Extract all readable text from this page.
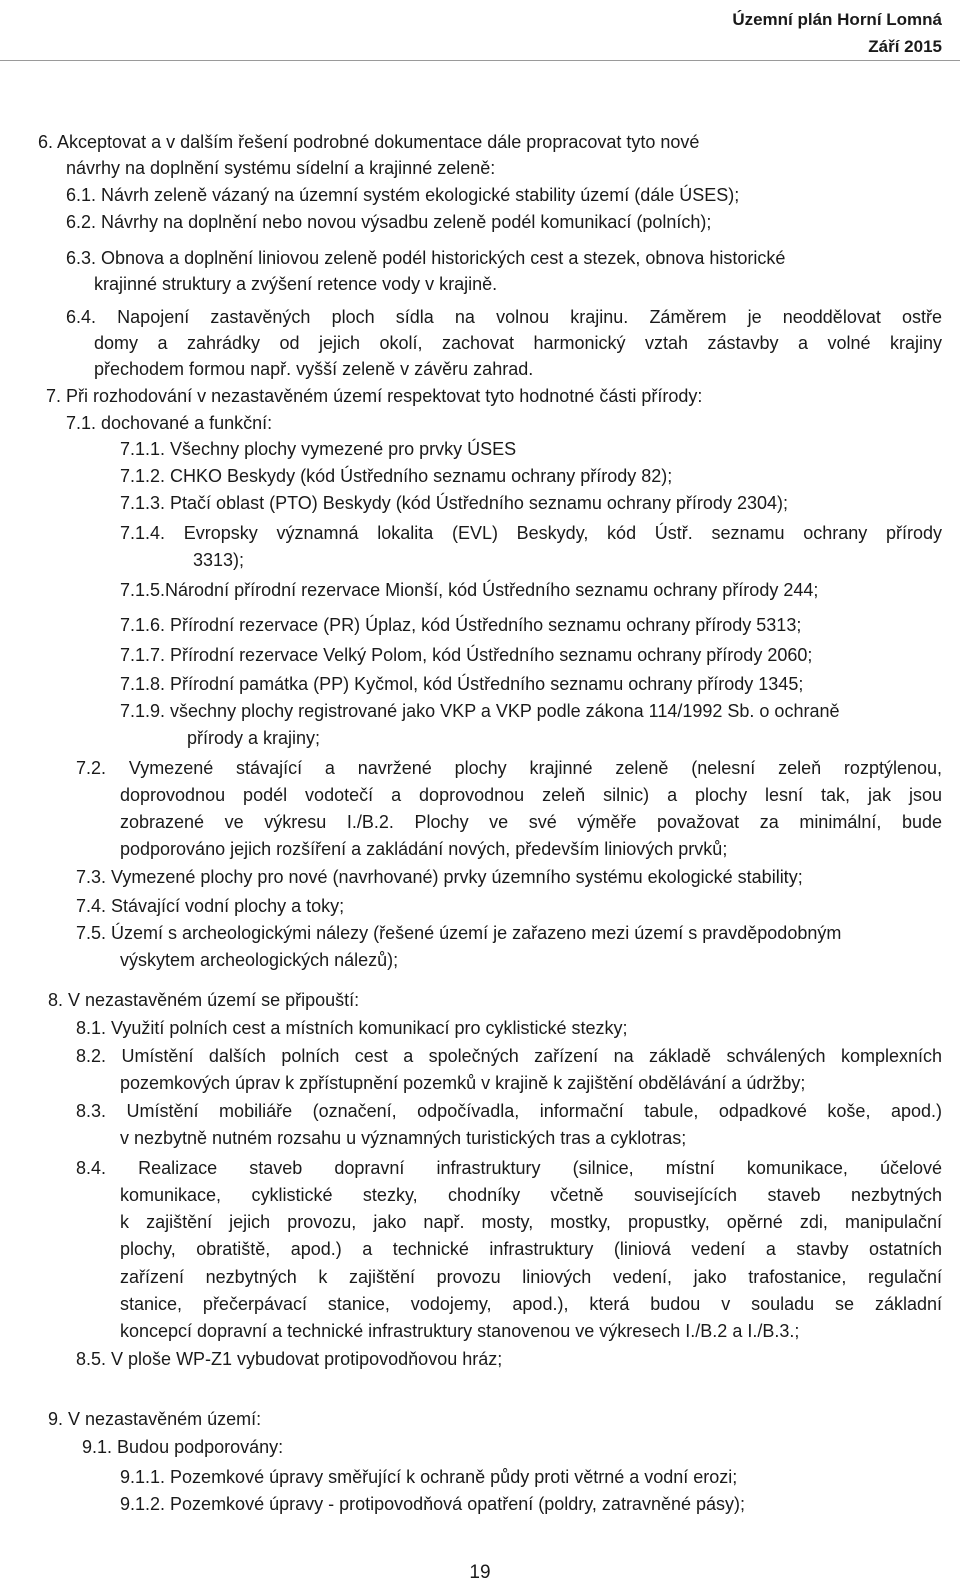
Územní plán Horní Lomná
Září 2015
6. Akceptovat a v dalším řešení podrobné dokumentace dále propracovat tyto nové
návrhy na doplnění systému sídelní a krajinné zeleně:
6.1. Návrh zeleně vázaný na územní systém ekologické stability území (dále ÚSES);
6.2. Návrhy na doplnění nebo novou výsadbu zeleně podél komunikací (polních);
6.3. Obnova a doplnění liniovou zeleně podél historických cest a stezek, obnova historické
krajinné struktury a zvýšení retence vody v krajině.
6.4. Napojení zastavěných ploch sídla na volnou krajinu. Záměrem je neoddělovat ostře
domy a zahrádky od jejich okolí, zachovat harmonický vztah zástavby a volné krajiny
přechodem formou např. vyšší zeleně v závěru zahrad.
7. Při rozhodování v nezastavěném území respektovat tyto hodnotné části přírody:
7.1. dochované a funkční:
7.1.1. Všechny plochy vymezené pro prvky ÚSES
7.1.2. CHKO Beskydy (kód Ústředního seznamu ochrany přírody 82);
7.1.3. Ptačí oblast (PTO) Beskydy (kód Ústředního seznamu ochrany přírody 2304);
7.1.4. Evropsky významná lokalita (EVL) Beskydy, kód Ústř. seznamu ochrany přírody
3313);
7.1.5.Národní přírodní rezervace Mionší, kód Ústředního seznamu ochrany přírody 244;
7.1.6. Přírodní rezervace (PR) Úplaz, kód Ústředního seznamu ochrany přírody 5313;
7.1.7. Přírodní rezervace Velký Polom, kód Ústředního seznamu ochrany přírody 2060;
7.1.8. Přírodní památka (PP) Kyčmol, kód Ústředního seznamu ochrany přírody 1345;
7.1.9. všechny plochy registrované jako VKP a VKP podle zákona 114/1992 Sb. o ochraně
přírody a krajiny;
7.2. Vymezené stávající a navržené plochy krajinné zeleně (nelesní zeleň rozptýlenou,
doprovodnou podél vodotečí a doprovodnou zeleň silnic) a plochy lesní tak, jak jsou
zobrazené ve výkresu I./B.2. Plochy ve své výměře považovat za minimální, bude
podporováno jejich rozšíření a zakládání nových, především liniových prvků;
7.3. Vymezené plochy pro nové (navrhované) prvky územního systému ekologické stability;
7.4. Stávající vodní plochy a toky;
7.5. Území s archeologickými nálezy (řešené území je zařazeno mezi území s pravděpodobným
výskytem archeologických nálezů);
8. V nezastavěném území se připouští:
8.1. Využití polních cest a místních komunikací pro cyklistické stezky;
8.2. Umístění dalších polních cest a společných zařízení na základě schválených komplexních
pozemkových úprav k zpřístupnění pozemků v krajině k zajištění obdělávání a údržby;
8.3. Umístění mobiliáře (označení, odpočívadla, informační tabule, odpadkové koše, apod.)
v nezbytně nutném rozsahu u významných turistických tras a cyklotras;
8.4. Realizace staveb dopravní infrastruktury (silnice, místní komunikace, účelové
komunikace, cyklistické stezky, chodníky včetně souvisejících staveb nezbytných
k zajištění jejich provozu, jako např. mosty, mostky, propustky, opěrné zdi, manipulační
plochy, obratiště, apod.) a technické infrastruktury (liniová vedení a stavby ostatních
zařízení nezbytných k zajištění provozu liniových vedení, jako trafostanice, regulační
stanice, přečerpávací stanice, vodojemy, apod.), která budou v souladu se základní
koncepcí dopravní a technické infrastruktury stanovenou ve výkresech I./B.2 a I./B.3.;
8.5. V ploše WP-Z1 vybudovat protipovodňovou hráz;
9. V nezastavěném území:
9.1. Budou podporovány:
9.1.1. Pozemkové úpravy směřující k ochraně půdy proti větrné a vodní erozi;
9.1.2. Pozemkové úpravy - protipovodňová opatření (poldry, zatravněné pásy);
19
